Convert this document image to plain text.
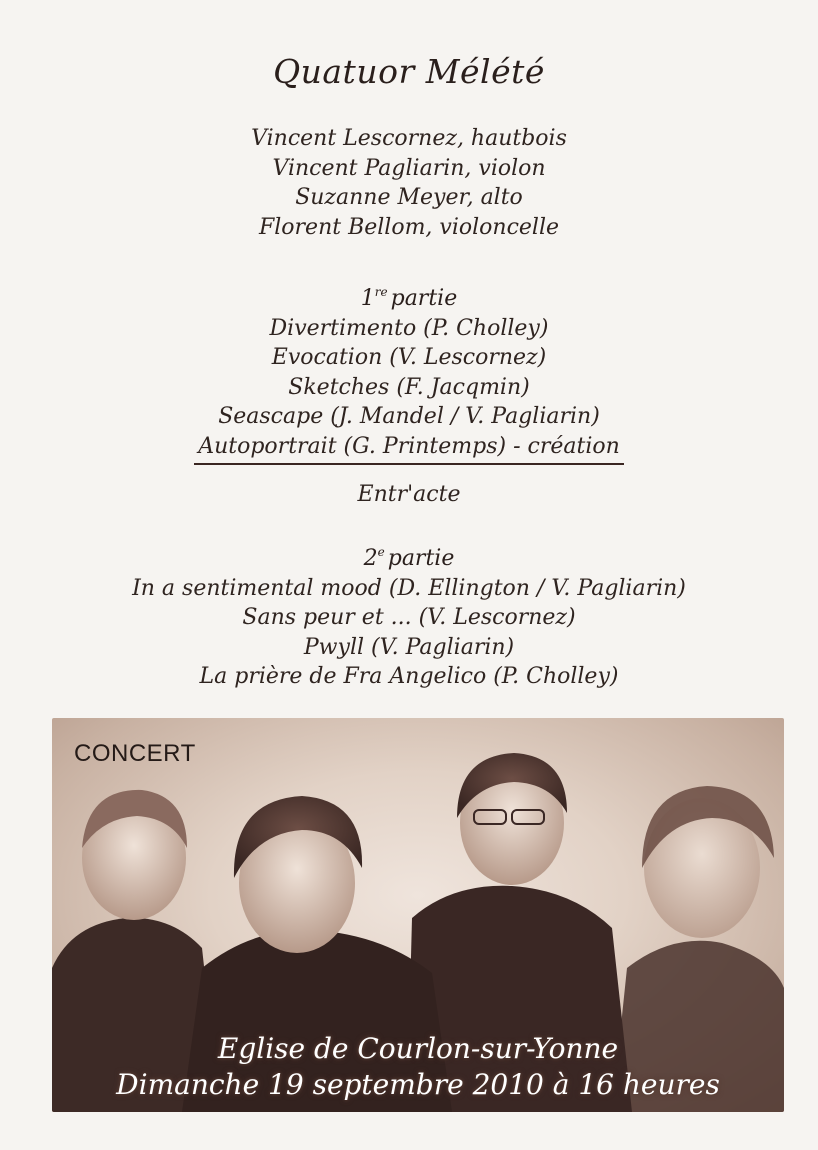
Quatuor Mélété
Vincent Lescornez, hautbois
Vincent Pagliarin, violon
Suzanne Meyer, alto
Florent Bellom, violoncelle
1re partie
Divertimento (P. Cholley)
Evocation (V. Lescornez)
Sketches (F. Jacqmin)
Seascape (J. Mandel / V. Pagliarin)
Autoportrait (G. Printemps) - création
Entr'acte
2e partie
In a sentimental mood (D. Ellington / V. Pagliarin)
Sans peur et ... (V. Lescornez)
Pwyll (V. Pagliarin)
La prière de Fra Angelico (P. Cholley)
CONCERT
Eglise de Courlon-sur-Yonne
Dimanche 19 septembre 2010 à 16 heures
